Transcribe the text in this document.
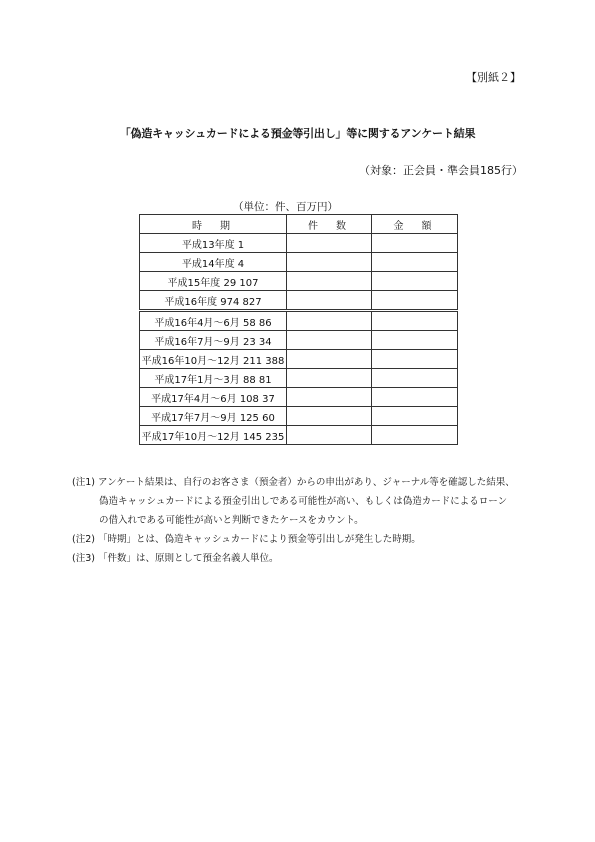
【別紙２】
「偽造キャッシュカードによる預金等引出し」等に関するアンケート結果
（対象：正会員・準会員185行）
（単位：件、百万円）
時　期	件　数	金　額
平成13年度 1		
平成14年度 4		
平成15年度 29 107		
平成16年度 974 827		
平成16年4月～6月 58 86		
平成16年7月～9月 23 34		
平成16年10月～12月 211 388		
平成17年1月～3月 88 81		
平成17年4月～6月 108 37		
平成17年7月～9月 125 60		
平成17年10月～12月 145 235		
(注1) アンケート結果は、自行のお客さま（預金者）からの申出があり、ジャーナル等を確認した結果、
偽造キャッシュカードによる預金引出しである可能性が高い、もしくは偽造カードによるローン
の借入れである可能性が高いと判断できたケースをカウント。
(注2) 「時期」とは、偽造キャッシュカードにより預金等引出しが発生した時期。
(注3) 「件数」は、原則として預金名義人単位。
